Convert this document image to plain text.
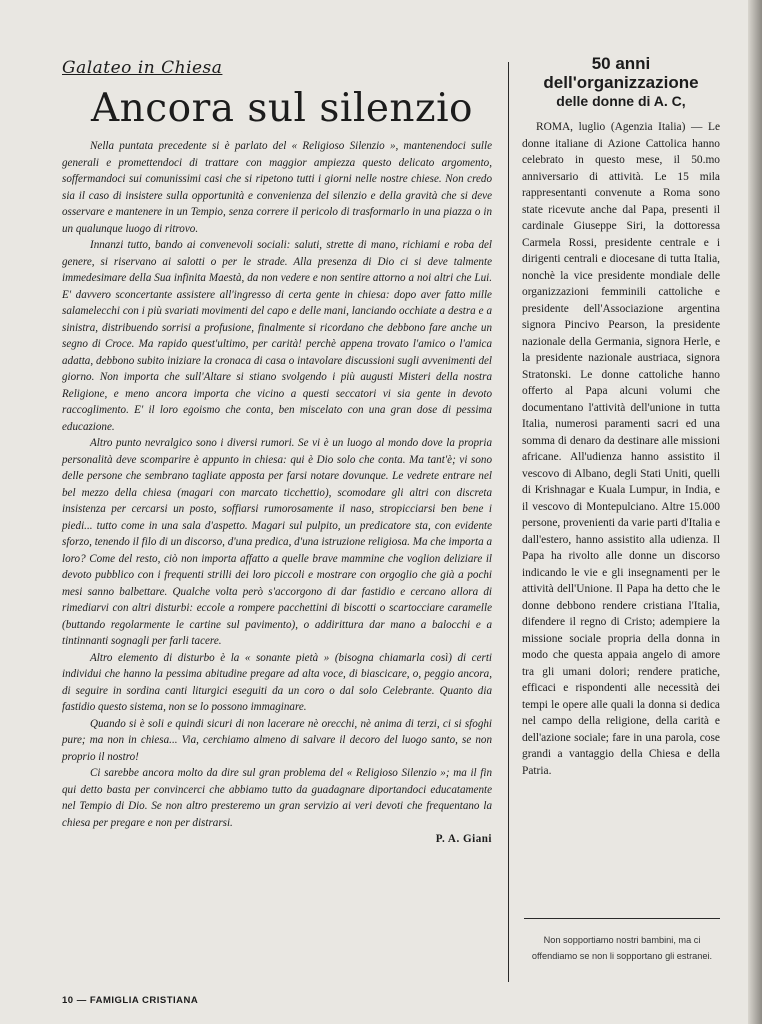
Galateo in Chiesa
Ancora sul silenzio

Nella puntata precedente si è parlato del « Religioso Silenzio », mantenendoci sulle generali e promettendoci di trattare con maggior ampiezza questo delicato argomento, soffermandoci sui comunissimi casi che si ripetono tutti i giorni nelle nostre chiese. Non credo sia il caso di insistere sulla opportunità e convenienza del silenzio e della gravità che si deve osservare e mantenere in un Tempio, senza correre il pericolo di trasformarlo in una piazza o in un qualunque luogo di ritrovo.

Innanzi tutto, bando ai convenevoli sociali: saluti, strette di mano, richiami e roba del genere, si riservano ai salotti o per le strade. Alla presenza di Dio ci si deve talmente immedesimare della Sua infinita Maestà, da non vedere e non sentire attorno a noi altri che Lui. E' davvero sconcertante assistere all'ingresso di certa gente in chiesa: dopo aver fatto mille salamelecchi con i più svariati movimenti del capo e delle mani, lanciando occhiate a destra e a sinistra, distribuendo sorrisi a profusione, finalmente si ricordano che debbono fare anche un segno di Croce. Ma rapido quest'ultimo, per carità! perchè appena trovato l'amico o l'amica adatta, debbono subito iniziare la cronaca di casa o intavolare discussioni sugli avvenimenti del giorno. Non importa che sull'Altare si stiano svolgendo i più augusti Misteri della nostra Religione, e meno ancora importa che vicino a questi seccatori vi sia gente in devoto raccoglimento. E' il loro egoismo che conta, ben miscelato con una gran dose di pessima educazione.

Altro punto nevralgico sono i diversi rumori. Se vi è un luogo al mondo dove la propria personalità deve scomparire è appunto in chiesa: qui è Dio solo che conta. Ma tant'è; vi sono delle persone che sembrano tagliate apposta per farsi notare dovunque. Le vedrete entrare nel bel mezzo della chiesa (magari con marcato ticchettio), scomodare gli altri con discreta insistenza per cercarsi un posto, soffiarsi rumorosamente il naso, stropicciarsi ben bene i piedi... tutto come in una sala d'aspetto. Magari sul pulpito, un predicatore sta, con evidente sforzo, tenendo il filo di un discorso, d'una predica, d'una istruzione religiosa. Ma che importa a loro? Come del resto, ciò non importa affatto a quelle brave mammine che voglion deliziare il devoto pubblico con i frequenti strilli dei loro piccoli e mostrare con orgoglio che già a pochi mesi sanno balbettare. Qualche volta però s'accorgono di dar fastidio e cercano allora di rimediarvi con altri disturbi: eccole a rompere pacchettini di biscotti o scartocciare caramelle (buttando regolarmente le cartine sul pavimento), o addirittura dar mano a balocchi e a tintinnanti sognagli per farli tacere.

Altro elemento di disturbo è la « sonante pietà » (bisogna chiamarla così) di certi individui che hanno la pessima abitudine pregare ad alta voce, di biascicare, o, peggio ancora, di seguire in sordina canti liturgici eseguiti da un coro o dal solo Celebrante. Quanto dia fastidio questo sistema, non se lo possono immaginare.

Quando si è soli e quindi sicuri di non lacerare nè orecchi, nè anima di terzi, ci si sfoghi pure; ma non in chiesa... Via, cerchiamo almeno di salvare il decoro del luogo santo, se non proprio il nostro!

Ci sarebbe ancora molto da dire sul gran problema del « Religioso Silenzio »; ma il fin qui detto basta per convincerci che abbiamo tutto da guadagnare diportandoci educatamente nel Tempio di Dio. Se non altro presteremo un gran servizio ai veri devoti che frequentano la chiesa per pregare e non per distrarsi.

P. A. Giani
50 anni
dell'organizzazione
delle donne di A. C,

ROMA, luglio (Agenzia Italia) — Le donne italiane di Azione Cattolica hanno celebrato in questo mese, il 50.mo anniversario di attività. Le 15 mila rappresentanti convenute a Roma sono state ricevute anche dal Papa, presenti il cardinale Giuseppe Siri, la dottoressa Carmela Rossi, presidente centrale e i dirigenti centrali e diocesane di tutta Italia, nonchè la vice presidente mondiale delle organizzazioni femminili cattoliche e presidente dell'Associazione argentina signora Pincivo Pearson, la presidente nazionale della Germania, signora Herle, e la presidente nazionale austriaca, signora Stratonski. Le donne cattoliche hanno offerto al Papa alcuni volumi che documentano l'attività dell'unione in tutta Italia, numerosi paramenti sacri ed una somma di denaro da destinare alle missioni africane. All'udienza hanno assistito il vescovo di Albano, degli Stati Uniti, quelli di Krishnagar e Kuala Lumpur, in India, e il vescovo di Montepulciano. Altre 15.000 persone, provenienti da varie parti d'Italia e dall'estero, hanno assistito alla udienza. Il Papa ha rivolto alle donne un discorso indicando le vie e gli insegnamenti per le attività dell'Unione. Il Papa ha detto che le donne debbono rendere cristiana l'Italia, difendere il regno di Cristo; adempiere la missione sociale propria della donna in modo che questa appaia angelo di amore tra gli umani dolori; rendere pratiche, efficaci e rispondenti alle necessità dei tempi le opere alle quali la donna si dedica nel campo della religione, della carità e dell'azione sociale; fare in una parola, cose grandi a vantaggio della Chiesa e della Patria.

Non sopportiamo nostri bambini, ma ci offendiamo se non li sopportano gli estranei.
10 — FAMIGLIA CRISTIANA
